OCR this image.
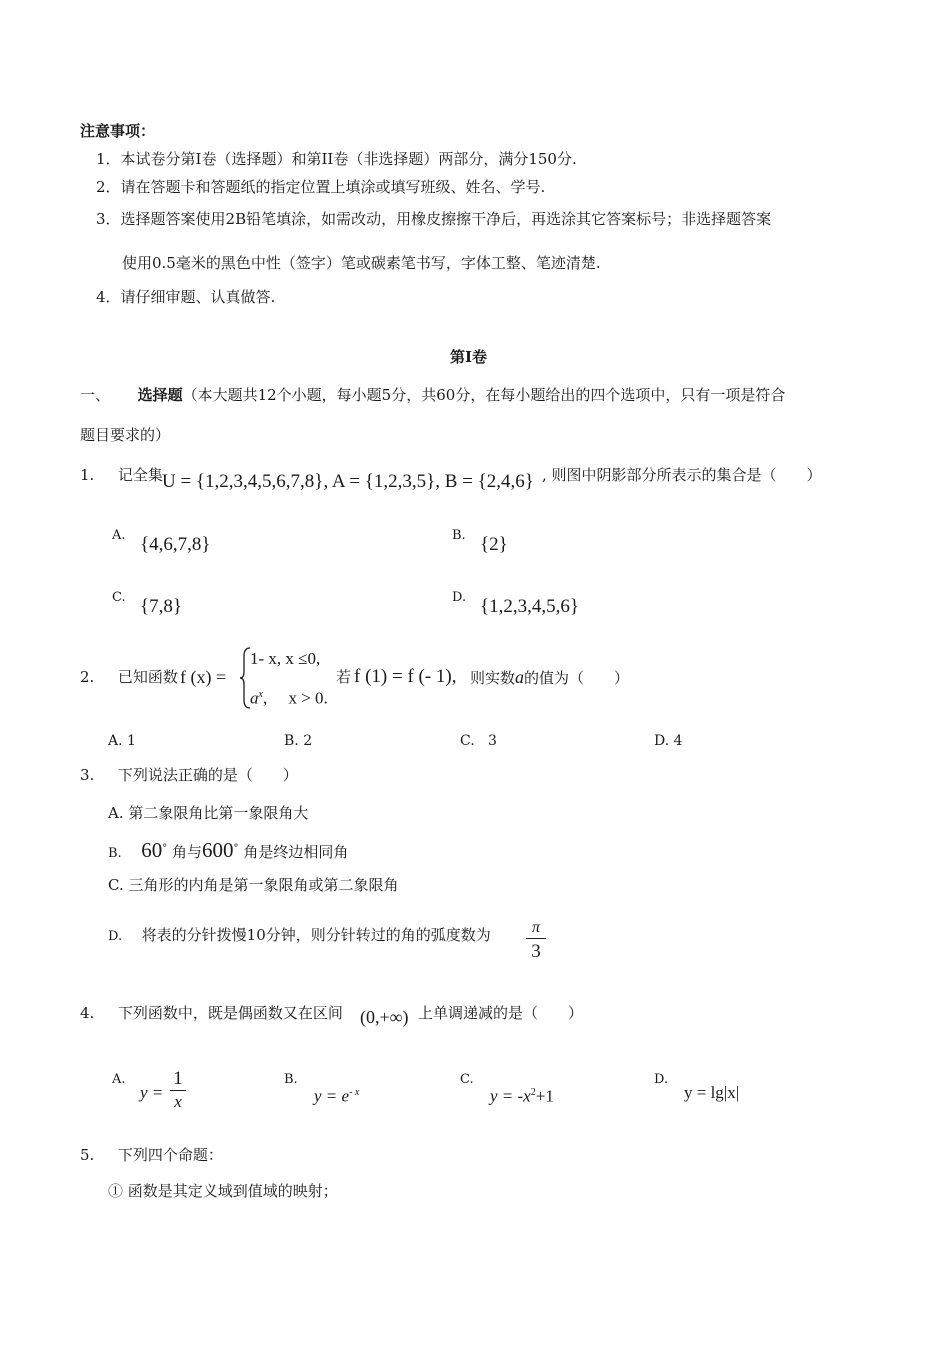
注意事项：
1．本试卷分第Ⅰ卷（选择题）和第II卷（非选择题）两部分，满分150分.
2．请在答题卡和答题纸的指定位置上填涂或填写班级、姓名、学号.
3．选择题答案使用2B铅笔填涂，如需改动，用橡皮擦擦干净后，再选涂其它答案标号；非选择题答案
使用0.5毫米的黑色中性（签字）笔或碳素笔书写，字体工整、笔迹清楚.
4．请仔细审题、认真做答.
第Ⅰ卷
一、 选择题（本大题共12个小题，每小题5分，共60分，在每小题给出的四个选项中，只有一项是符合
题目要求的）
1. 记全集 U = {1,2,3,4,5,6,7,8}, A = {1,2,3,5}, B = {2,4,6} , 则图中阴影部分所表示的集合是（　　）
A. {4,6,7,8}	B. {2}
C. {7,8}	D. {1,2,3,4,5,6}
2. 已知函数 f (x) =
1- x, x ≤0,
$a^x$,　 x > 0.
若 f (1) = f (- 1), 则实数a的值为（　　）
A. 1	B. 2	C. 3	D. 4
3. 下列说法正确的是（　　）
A. 第二象限角比第一象限角大
B. 60° 角与600° 角是终边相同角
C. 三角形的内角是第一象限角或第二象限角
D. 将表的分针拨慢10分钟，则分针转过的角的弧度数为	π
3
4. 下列函数中，既是偶函数又在区间 (0,+∞) 上单调递减的是（　　）
A.
$y = \frac{1}{x}$	B.
$y = e^{- x}$
C.
$y = -x^2+1$
D.
y = lg|x|
5. 下列四个命题：
① 函数是其定义域到值域的映射；
